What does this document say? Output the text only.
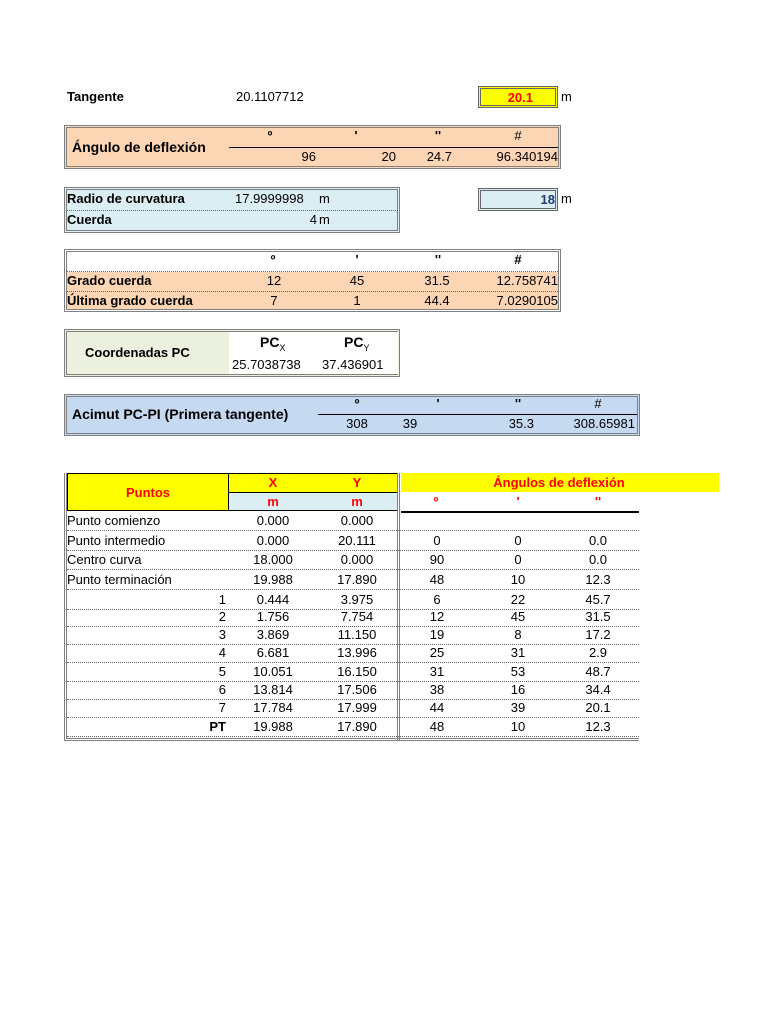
Tangente	20.1107712	20.1 m
Ángulo de deflexión
º	'	''	#
96	20	24.7	96.340194
Radio de curvatura	17.9999998 m
Cuerda	4 m
18 m
º	'	''	#
Grado cuerda	12	45	31.5	12.758741
Última grado cuerda	7	1	44.4	7.0290105
Coordenadas PC
$PC_X$	$PC_Y$
25.7038738 37.436901
Acimut PC-PI (Primera tangente)
º	'	''	#
308	39	35.3	308.65981
Puntos
X	Y
m	m
Ángulos de deflexión
º	'	''
Punto comienzo	0.000	0.000
Punto intermedio	0.000	20.111	0	0	0.0
Centro curva	18.000	0.000	90	0	0.0
Punto terminación	19.988	17.890	48	10	12.3
1	0.444	3.975	6	22	45.7
2	1.756	7.754	12	45	31.5
3	3.869	11.150	19	8	17.2
4	6.681	13.996	25	31	2.9
5	10.051	16.150	31	53	48.7
6	13.814	17.506	38	16	34.4
7	17.784	17.999	44	39	20.1
PT	19.988	17.890	48	10	12.3
